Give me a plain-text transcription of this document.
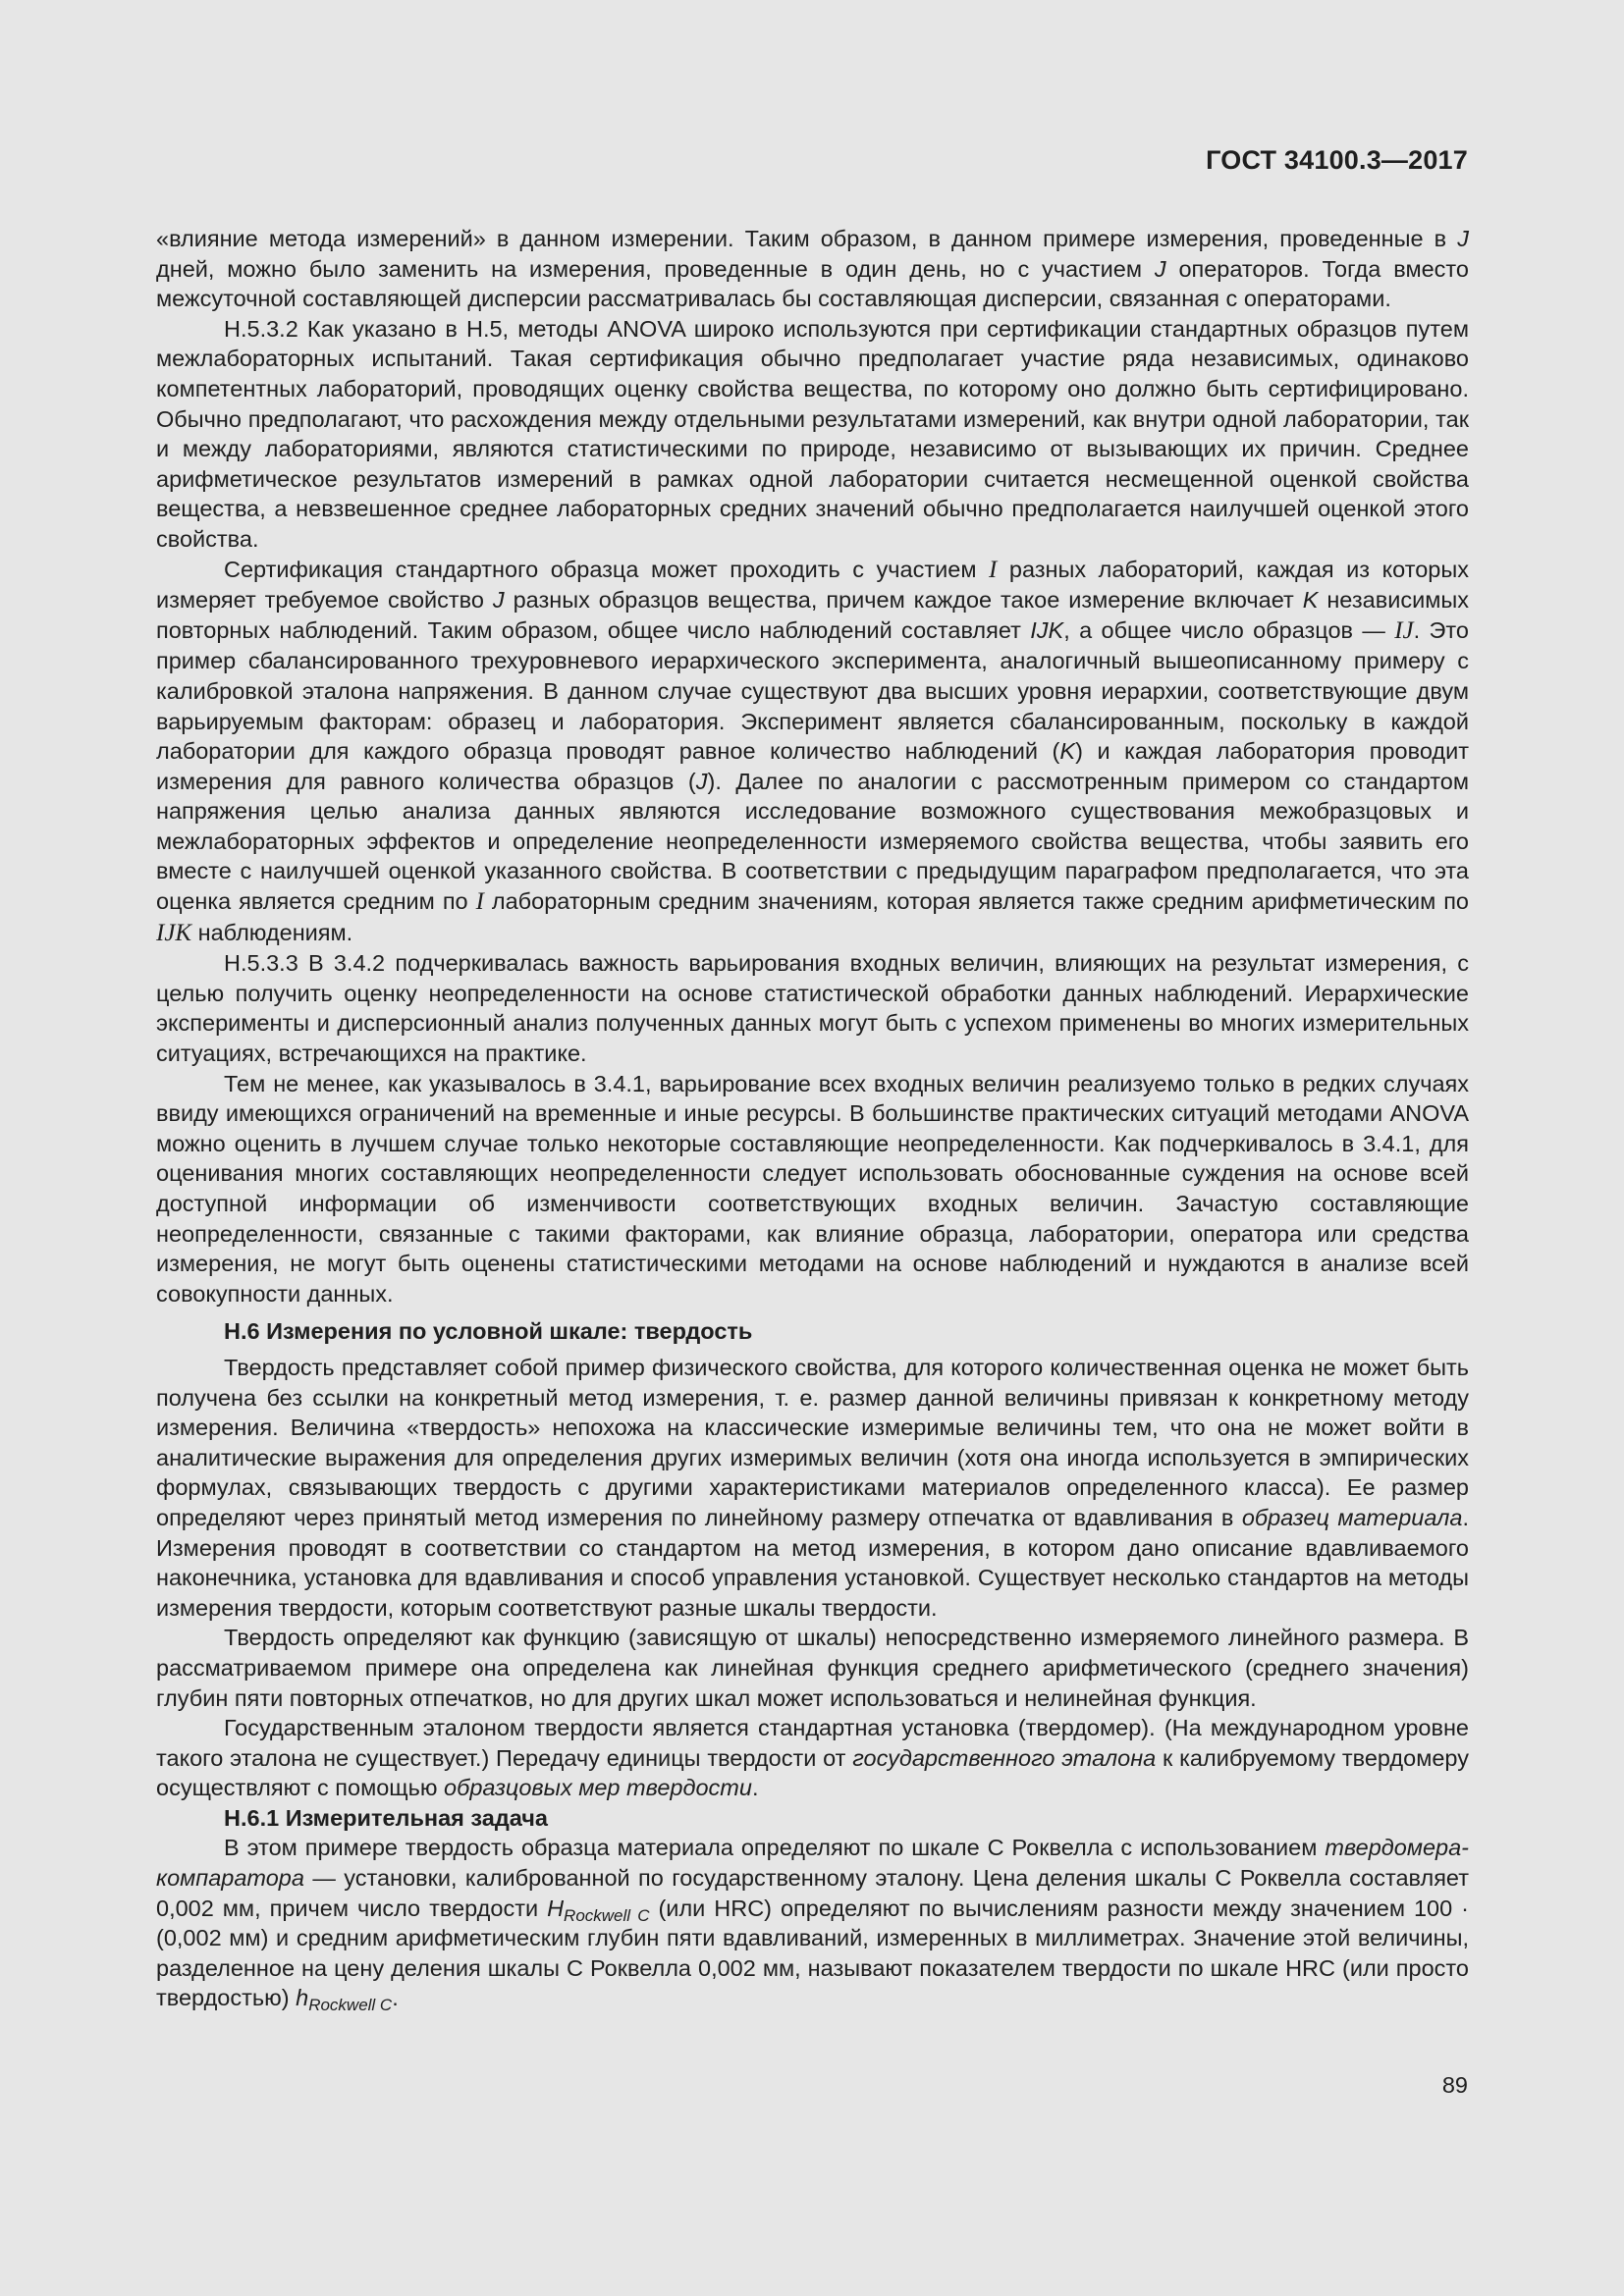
ГОСТ 34100.3—2017

«влияние метода измерений» в данном измерении. Таким образом, в данном примере измерения, проведенные в J дней, можно было заменить на измерения, проведенные в один день, но с участием J операторов. Тогда вместо межсуточной составляющей дисперсии рассматривалась бы составляющая дисперсии, связанная с операторами.

Н.5.3.2 Как указано в Н.5, методы ANOVA широко используются при сертификации стандартных образцов путем межлабораторных испытаний. Такая сертификация обычно предполагает участие ряда независимых, одинаково компетентных лабораторий, проводящих оценку свойства вещества, по которому оно должно быть сертифицировано. Обычно предполагают, что расхождения между отдельными результатами измерений, как внутри одной лаборатории, так и между лабораториями, являются статистическими по природе, независимо от вызывающих их причин. Среднее арифметическое результатов измерений в рамках одной лаборатории считается несмещенной оценкой свойства вещества, а невзвешенное среднее лабораторных средних значений обычно предполагается наилучшей оценкой этого свойства.

Сертификация стандартного образца может проходить с участием I разных лабораторий, каждая из которых измеряет требуемое свойство J разных образцов вещества, причем каждое такое измерение включает K независимых повторных наблюдений. Таким образом, общее число наблюдений составляет IJK, а общее число образцов — IJ. Это пример сбалансированного трехуровневого иерархического эксперимента, аналогичный вышеописанному примеру с калибровкой эталона напряжения. В данном случае существуют два высших уровня иерархии, соответствующие двум варьируемым факторам: образец и лаборатория. Эксперимент является сбалансированным, поскольку в каждой лаборатории для каждого образца проводят равное количество наблюдений (K) и каждая лаборатория проводит измерения для равного количества образцов (J). Далее по аналогии с рассмотренным примером со стандартом напряжения целью анализа данных являются исследование возможного существования межобразцовых и межлабораторных эффектов и определение неопределенности измеряемого свойства вещества, чтобы заявить его вместе с наилучшей оценкой указанного свойства. В соответствии с предыдущим параграфом предполагается, что эта оценка является средним по I лабораторным средним значениям, которая является также средним арифметическим по IJK наблюдениям.

Н.5.3.3 В 3.4.2 подчеркивалась важность варьирования входных величин, влияющих на результат измерения, с целью получить оценку неопределенности на основе статистической обработки данных наблюдений. Иерархические эксперименты и дисперсионный анализ полученных данных могут быть с успехом применены во многих измерительных ситуациях, встречающихся на практике.

Тем не менее, как указывалось в 3.4.1, варьирование всех входных величин реализуемо только в редких случаях ввиду имеющихся ограничений на временные и иные ресурсы. В большинстве практических ситуаций методами ANOVA можно оценить в лучшем случае только некоторые составляющие неопределенности. Как подчеркивалось в 3.4.1, для оценивания многих составляющих неопределенности следует использовать обоснованные суждения на основе всей доступной информации об изменчивости соответствующих входных величин. Зачастую составляющие неопределенности, связанные с такими факторами, как влияние образца, лаборатории, оператора или средства измерения, не могут быть оценены статистическими методами на основе наблюдений и нуждаются в анализе всей совокупности данных.

Н.6 Измерения по условной шкале: твердость

Твердость представляет собой пример физического свойства, для которого количественная оценка не может быть получена без ссылки на конкретный метод измерения, т. е. размер данной величины привязан к конкретному методу измерения. Величина «твердость» непохожа на классические измеримые величины тем, что она не может войти в аналитические выражения для определения других измеримых величин (хотя она иногда используется в эмпирических формулах, связывающих твердость с другими характеристиками материалов определенного класса). Ее размер определяют через принятый метод измерения по линейному размеру отпечатка от вдавливания в образец материала. Измерения проводят в соответствии со стандартом на метод измерения, в котором дано описание вдавливаемого наконечника, установка для вдавливания и способ управления установкой. Существует несколько стандартов на методы измерения твердости, которым соответствуют разные шкалы твердости.

Твердость определяют как функцию (зависящую от шкалы) непосредственно измеряемого линейного размера. В рассматриваемом примере она определена как линейная функция среднего арифметического (среднего значения) глубин пяти повторных отпечатков, но для других шкал может использоваться и нелинейная функция.

Государственным эталоном твердости является стандартная установка (твердомер). (На международном уровне такого эталона не существует.) Передачу единицы твердости от государственного эталона к калибруемому твердомеру осуществляют с помощью образцовых мер твердости.

Н.6.1 Измерительная задача

В этом примере твердость образца материала определяют по шкале С Роквелла с использованием твердомера-компаратора — установки, калиброванной по государственному эталону. Цена деления шкалы С Роквелла составляет 0,002 мм, причем число твердости $H_{Rockwell C}$ (или HRC) определяют по вычислениям разности между значением 100 · (0,002 мм) и средним арифметическим глубин пяти вдавливаний, измеренных в миллиметрах. Значение этой величины, разделенное на цену деления шкалы С Роквелла 0,002 мм, называют показателем твердости по шкале HRC (или просто твердостью) $h_{Rockwell C}$.

89
